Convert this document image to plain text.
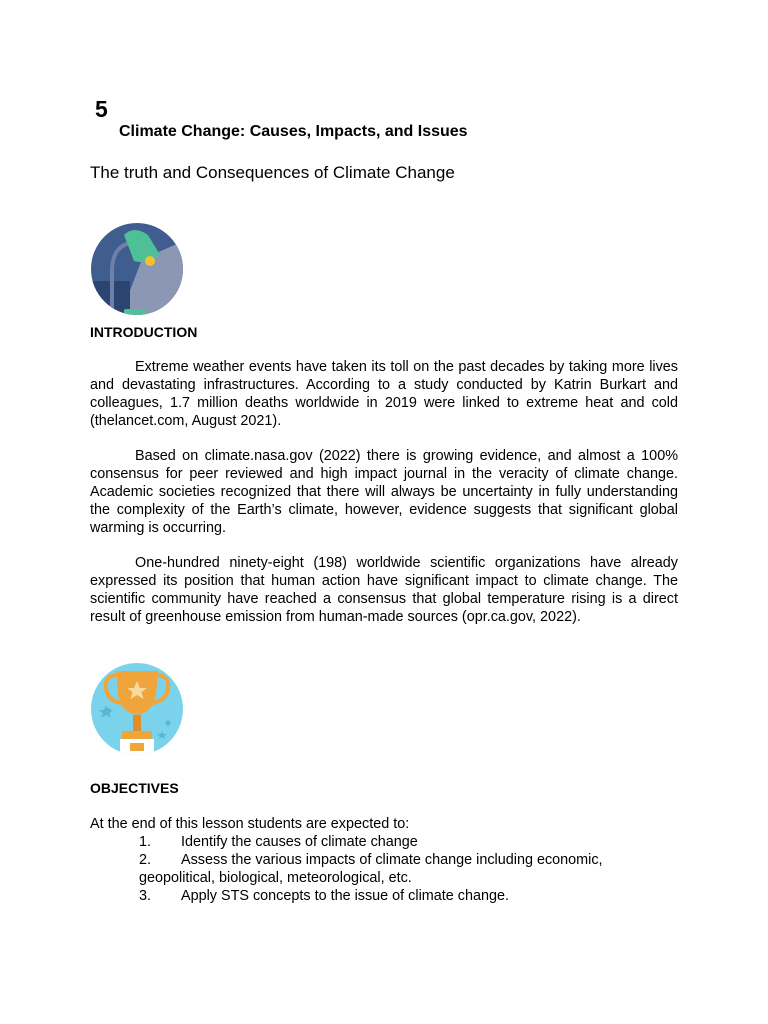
5
Climate Change: Causes, Impacts, and Issues
The truth and Consequences of Climate Change
INTRODUCTION

Extreme weather events have taken its toll on the past decades by taking more lives and devastating infrastructures. According to a study conducted by Katrin Burkart and colleagues, 1.7 million deaths worldwide in 2019 were linked to extreme heat and cold (thelancet.com, August 2021).

Based on climate.nasa.gov (2022) there is growing evidence, and almost a 100% consensus for peer reviewed and high impact journal in the veracity of climate change. Academic societies recognized that there will always be uncertainty in fully understanding the complexity of the Earth’s climate, however, evidence suggests that significant global warming is occurring.

One-hundred ninety-eight (198) worldwide scientific organizations have already expressed its position that human action have significant impact to climate change. The scientific community have reached a consensus that global temperature rising is a direct result of greenhouse emission from human-made sources (opr.ca.gov, 2022).

OBJECTIVES
At the end of this lesson students are expected to:
1. Identify the causes of climate change
2. Assess the various impacts of climate change including economic, geopolitical, biological, meteorological, etc.
3. Apply STS concepts to the issue of climate change.
